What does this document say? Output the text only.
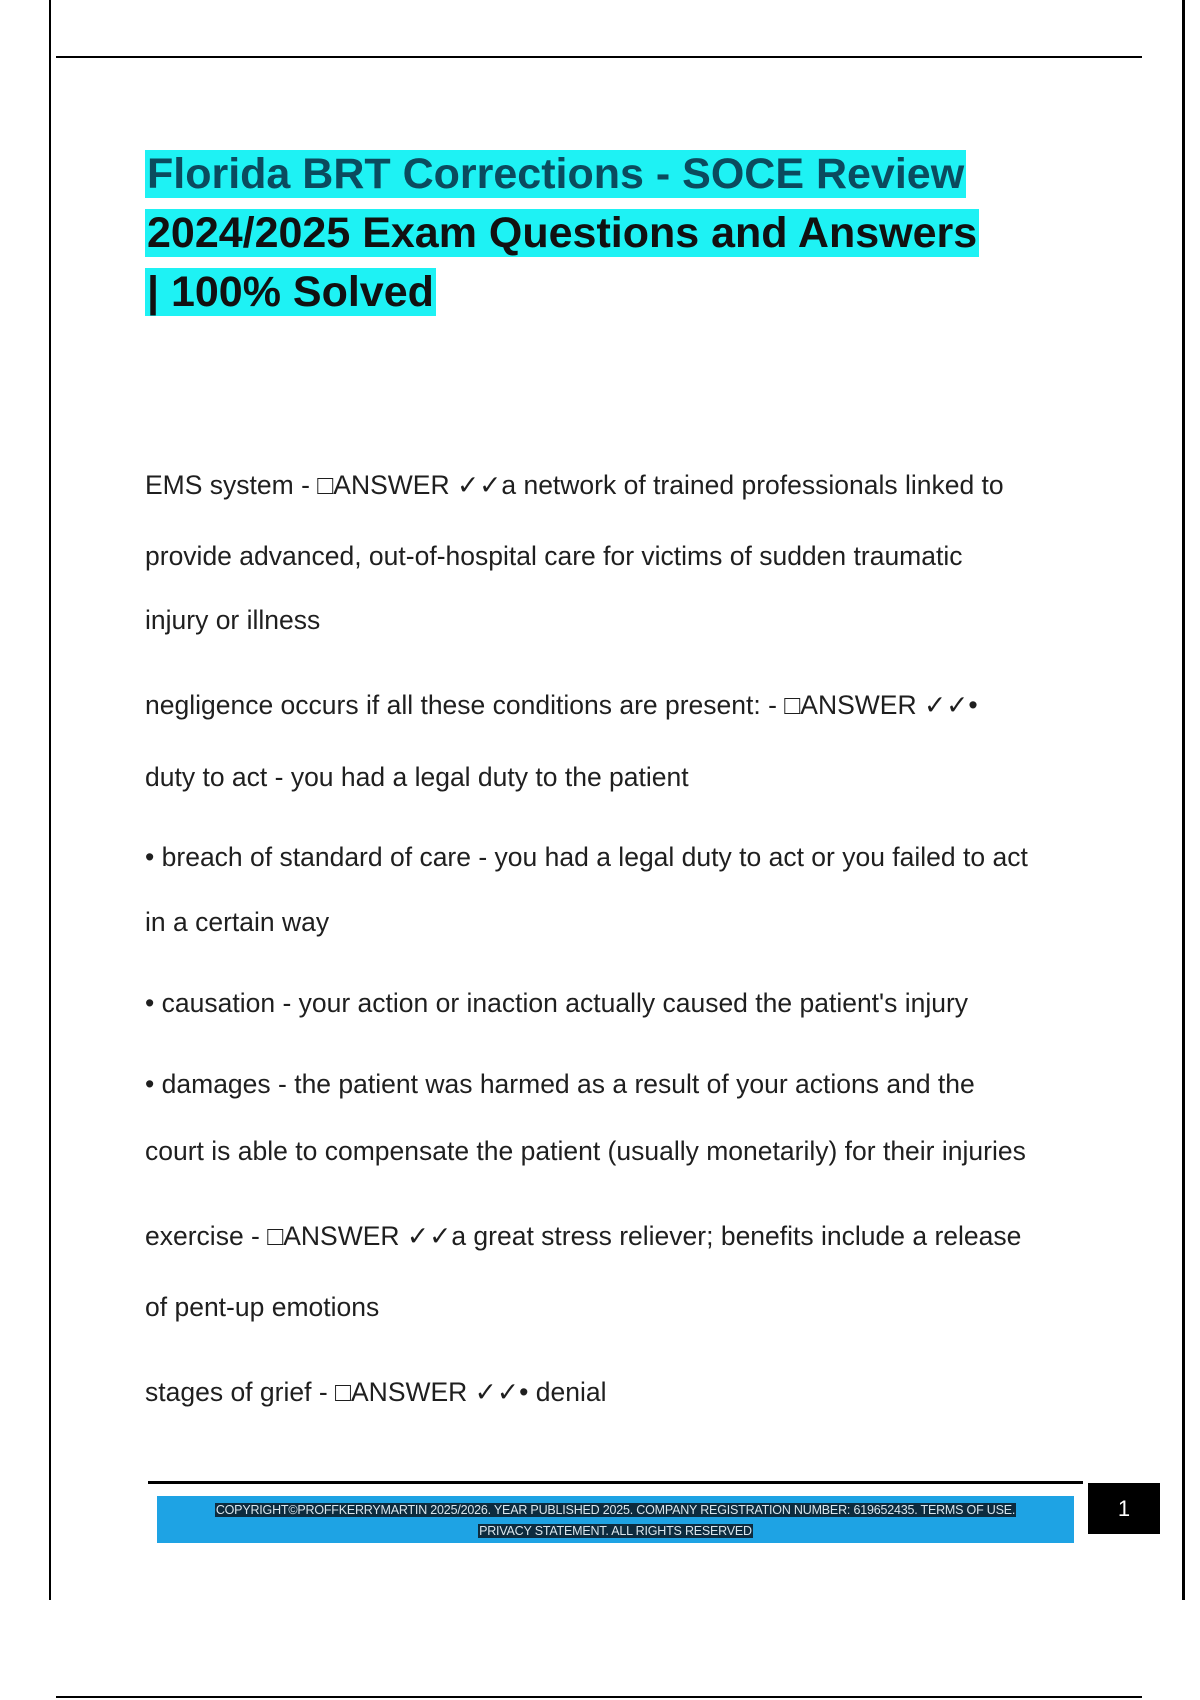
Florida BRT Corrections - SOCE Review
2024/2025 Exam Questions and Answers
| 100% Solved

EMS system - □ANSWER ✓✓a network of trained professionals linked to

provide advanced, out-of-hospital care for victims of sudden traumatic

injury or illness

negligence occurs if all these conditions are present: - □ANSWER ✓✓•

duty to act - you had a legal duty to the patient

• breach of standard of care - you had a legal duty to act or you failed to act

in a certain way

• causation - your action or inaction actually caused the patient's injury

• damages - the patient was harmed as a result of your actions and the

court is able to compensate the patient (usually monetarily) for their injuries

exercise - □ANSWER ✓✓a great stress reliever; benefits include a release

of pent-up emotions

stages of grief - □ANSWER ✓✓• denial

COPYRIGHT©PROFFKERRYMARTIN 2025/2026. YEAR PUBLISHED 2025. COMPANY REGISTRATION NUMBER: 619652435. TERMS OF USE.
PRIVACY STATEMENT. ALL RIGHTS RESERVED
1
